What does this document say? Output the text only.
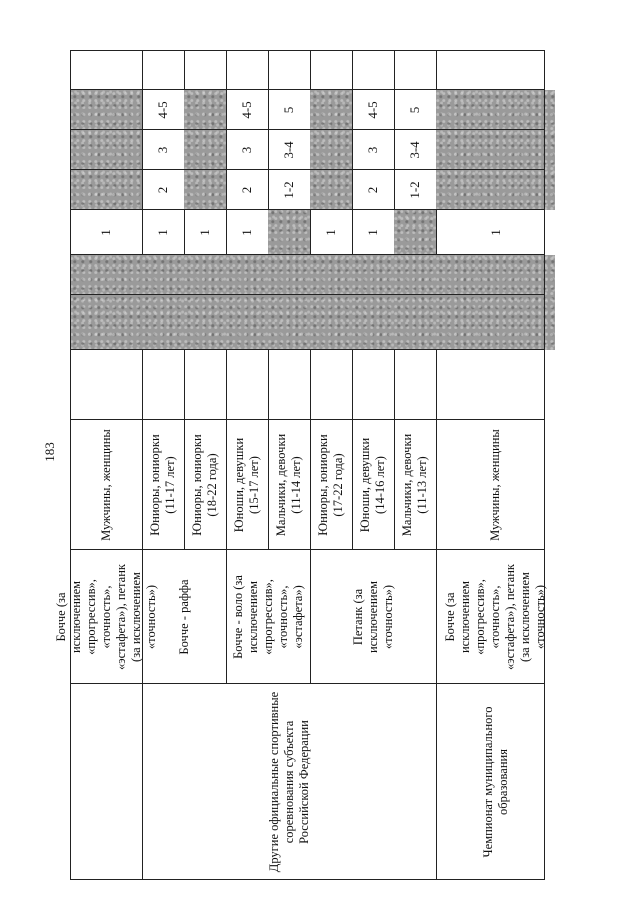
183
Бочче (за исключением «прогрессив», «точность», «эстафета»), петанк (за исключением «точность»)
Мужчины, женщины
1
Другие официальные спортивные соревнования субъекта Российской Федерации
Бочче - раффа
Юниоры, юниорки (11-17 лет)
1
2
3
4-5
Юниоры, юниорки (18-22 года)
1
Бочче - воло (за исключением «прогрессив», «точность», «эстафета»)
Юноши, девушки (15-17 лет)
1
2
3
4-5
Мальчики, девочки (11-14 лет)
1-2
3-4
5
Петанк (за исключением «точность»)
Юниоры, юниорки (17-22 года)
1
Юноши, девушки (14-16 лет)
1
2
3
4-5
Мальчики, девочки (11-13 лет)
1-2
3-4
5
Чемпионат муниципального образования
Бочче (за исключением «прогрессив», «точность», «эстафета»), петанк (за исключением «точность»)
Мужчины, женщины
1
